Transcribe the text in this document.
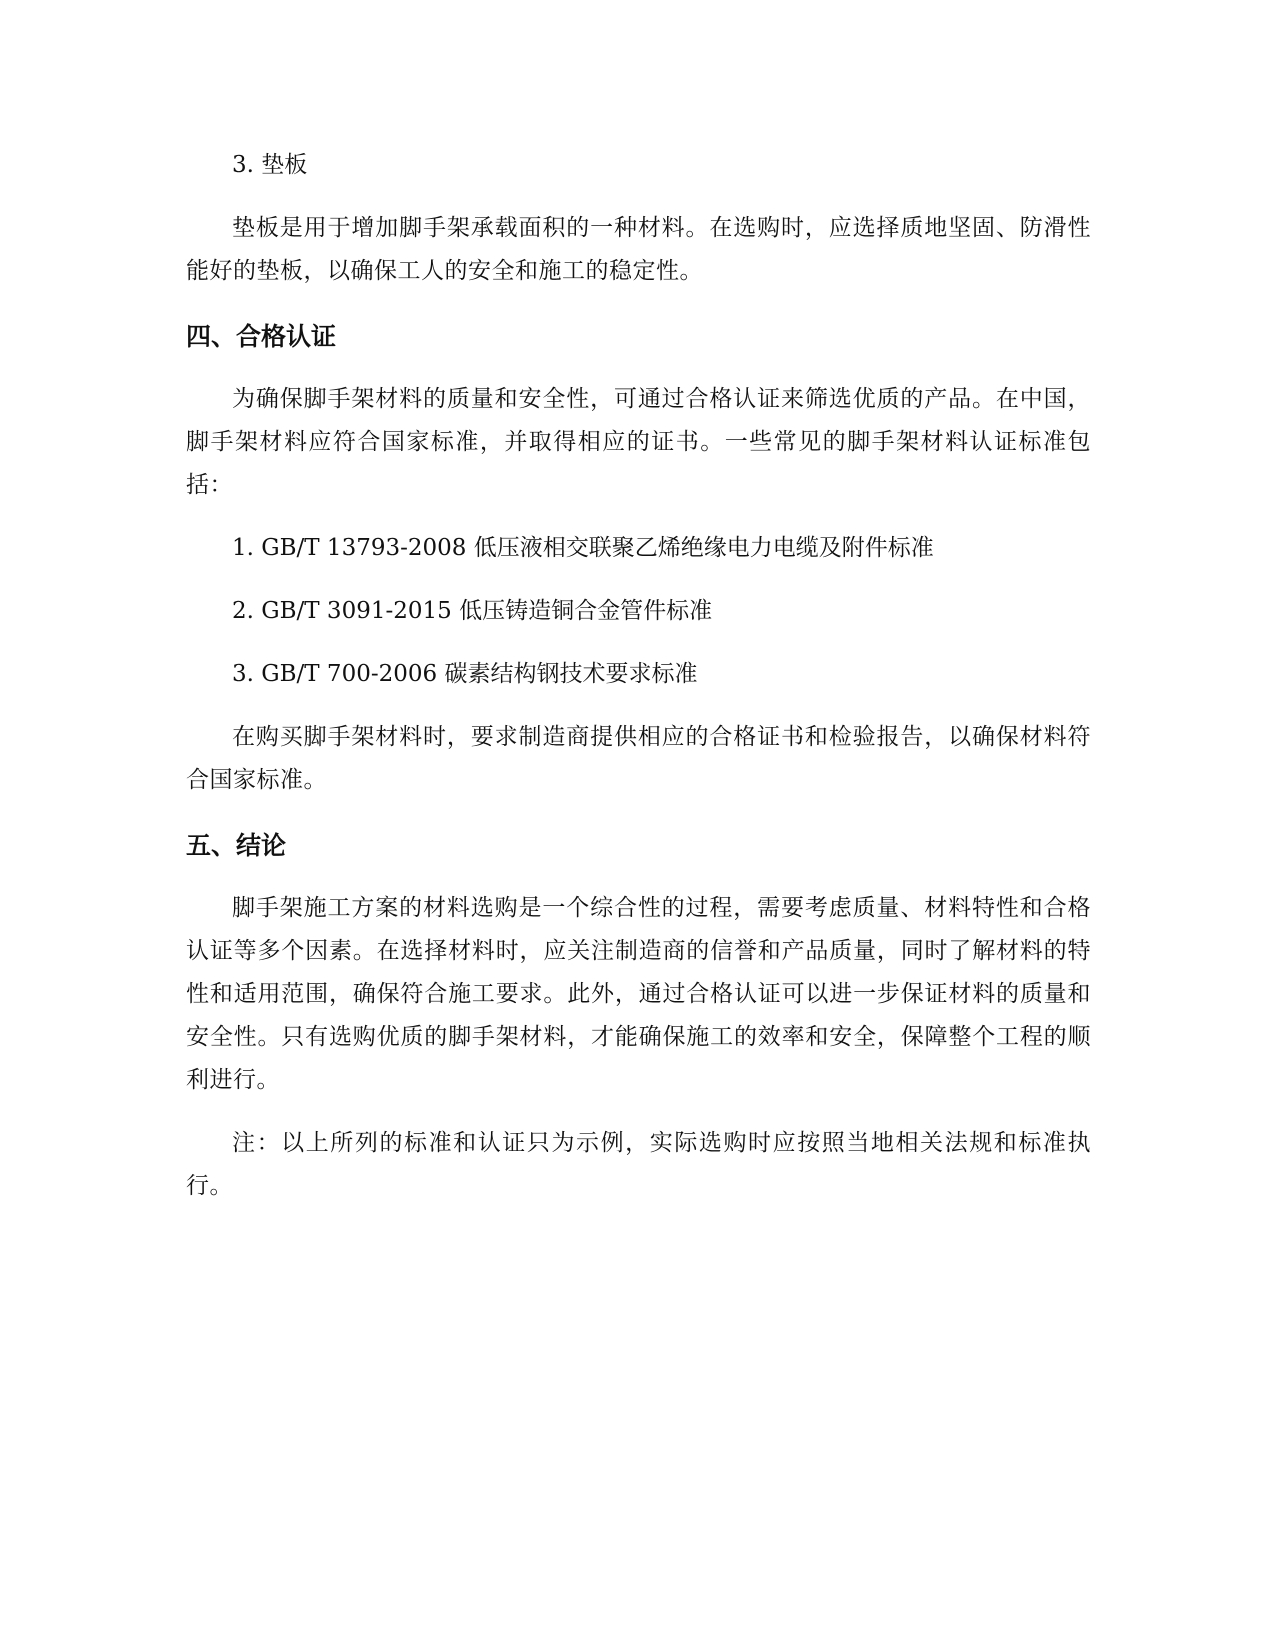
3. 垫板

垫板是用于增加脚手架承载面积的一种材料。在选购时，应选择质地坚固、防滑性能好的垫板，以确保工人的安全和施工的稳定性。

四、合格认证

为确保脚手架材料的质量和安全性，可通过合格认证来筛选优质的产品。在中国，脚手架材料应符合国家标准，并取得相应的证书。一些常见的脚手架材料认证标准包括：

1. GB/T 13793-2008 低压液相交联聚乙烯绝缘电力电缆及附件标准

2. GB/T 3091-2015 低压铸造铜合金管件标准

3. GB/T 700-2006 碳素结构钢技术要求标准

在购买脚手架材料时，要求制造商提供相应的合格证书和检验报告，以确保材料符合国家标准。

五、结论

脚手架施工方案的材料选购是一个综合性的过程，需要考虑质量、材料特性和合格认证等多个因素。在选择材料时，应关注制造商的信誉和产品质量，同时了解材料的特性和适用范围，确保符合施工要求。此外，通过合格认证可以进一步保证材料的质量和安全性。只有选购优质的脚手架材料，才能确保施工的效率和安全，保障整个工程的顺利进行。

注：以上所列的标准和认证只为示例，实际选购时应按照当地相关法规和标准执行。
